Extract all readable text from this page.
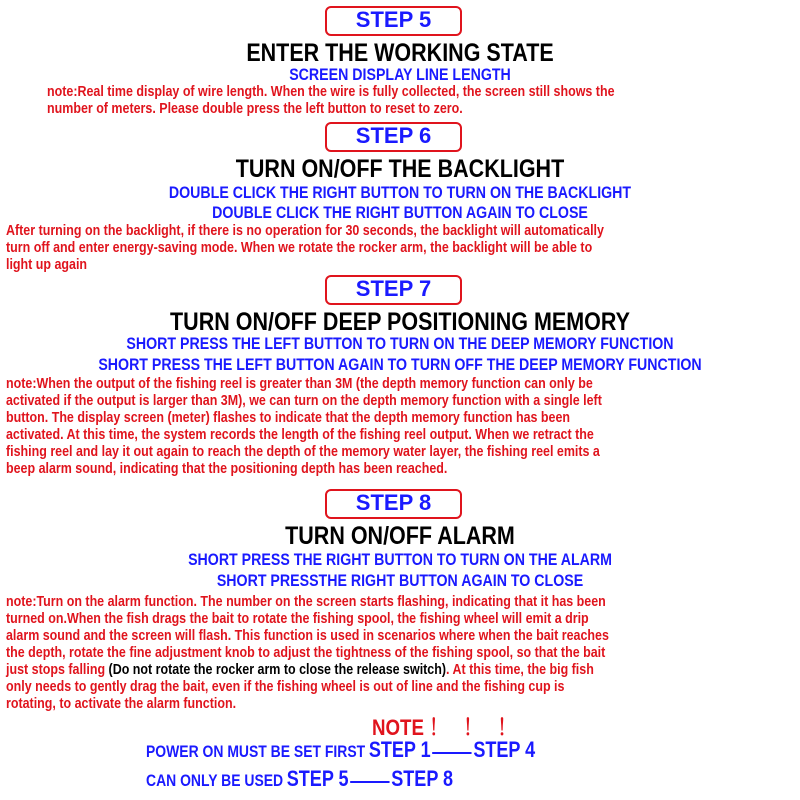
STEP 5
ENTER THE WORKING STATE
SCREEN DISPLAY LINE LENGTH
note:Real time display of wire length. When the wire is fully collected, the screen still shows the
number of meters. Please double press the left button to reset to zero.
STEP 6
TURN ON/OFF THE BACKLIGHT
DOUBLE CLICK THE RIGHT BUTTON TO TURN ON THE BACKLIGHT
DOUBLE CLICK THE RIGHT BUTTON AGAIN TO CLOSE
After turning on the backlight, if there is no operation for 30 seconds, the backlight will automatically
turn off and enter energy-saving mode. When we rotate the rocker arm, the backlight will be able to
light up again
STEP 7
TURN ON/OFF DEEP POSITIONING MEMORY
SHORT PRESS THE LEFT BUTTON TO TURN ON THE DEEP MEMORY FUNCTION
SHORT PRESS THE LEFT BUTTON AGAIN TO TURN OFF THE DEEP MEMORY FUNCTION
note:When the output of the fishing reel is greater than 3M (the depth memory function can only be
activated if the output is larger than 3M), we can turn on the depth memory function with a single left
button. The display screen (meter) flashes to indicate that the depth memory function has been
activated. At this time, the system records the length of the fishing reel output. When we retract the
fishing reel and lay it out again to reach the depth of the memory water layer, the fishing reel emits a
beep alarm sound, indicating that the positioning depth has been reached.
STEP 8
TURN ON/OFF ALARM
SHORT PRESS THE RIGHT BUTTON TO TURN ON THE ALARM
SHORT PRESSTHE RIGHT BUTTON AGAIN TO CLOSE
note:Turn on the alarm function. The number on the screen starts flashing, indicating that it has been
turned on.When the fish drags the bait to rotate the fishing spool, the fishing wheel will emit a drip
alarm sound and the screen will flash. This function is used in scenarios where when the bait reaches
the depth, rotate the fine adjustment knob to adjust the tightness of the fishing spool, so that the bait
just stops falling (Do not rotate the rocker arm to close the release switch). At this time, the big fish
only needs to gently drag the bait, even if the fishing wheel is out of line and the fishing cup is
rotating, to activate the alarm function.
NOTE ！ ！ ！
POWER ON MUST BE SET FIRST STEP 1 STEP 4
CAN ONLY BE USED STEP 5 STEP 8
